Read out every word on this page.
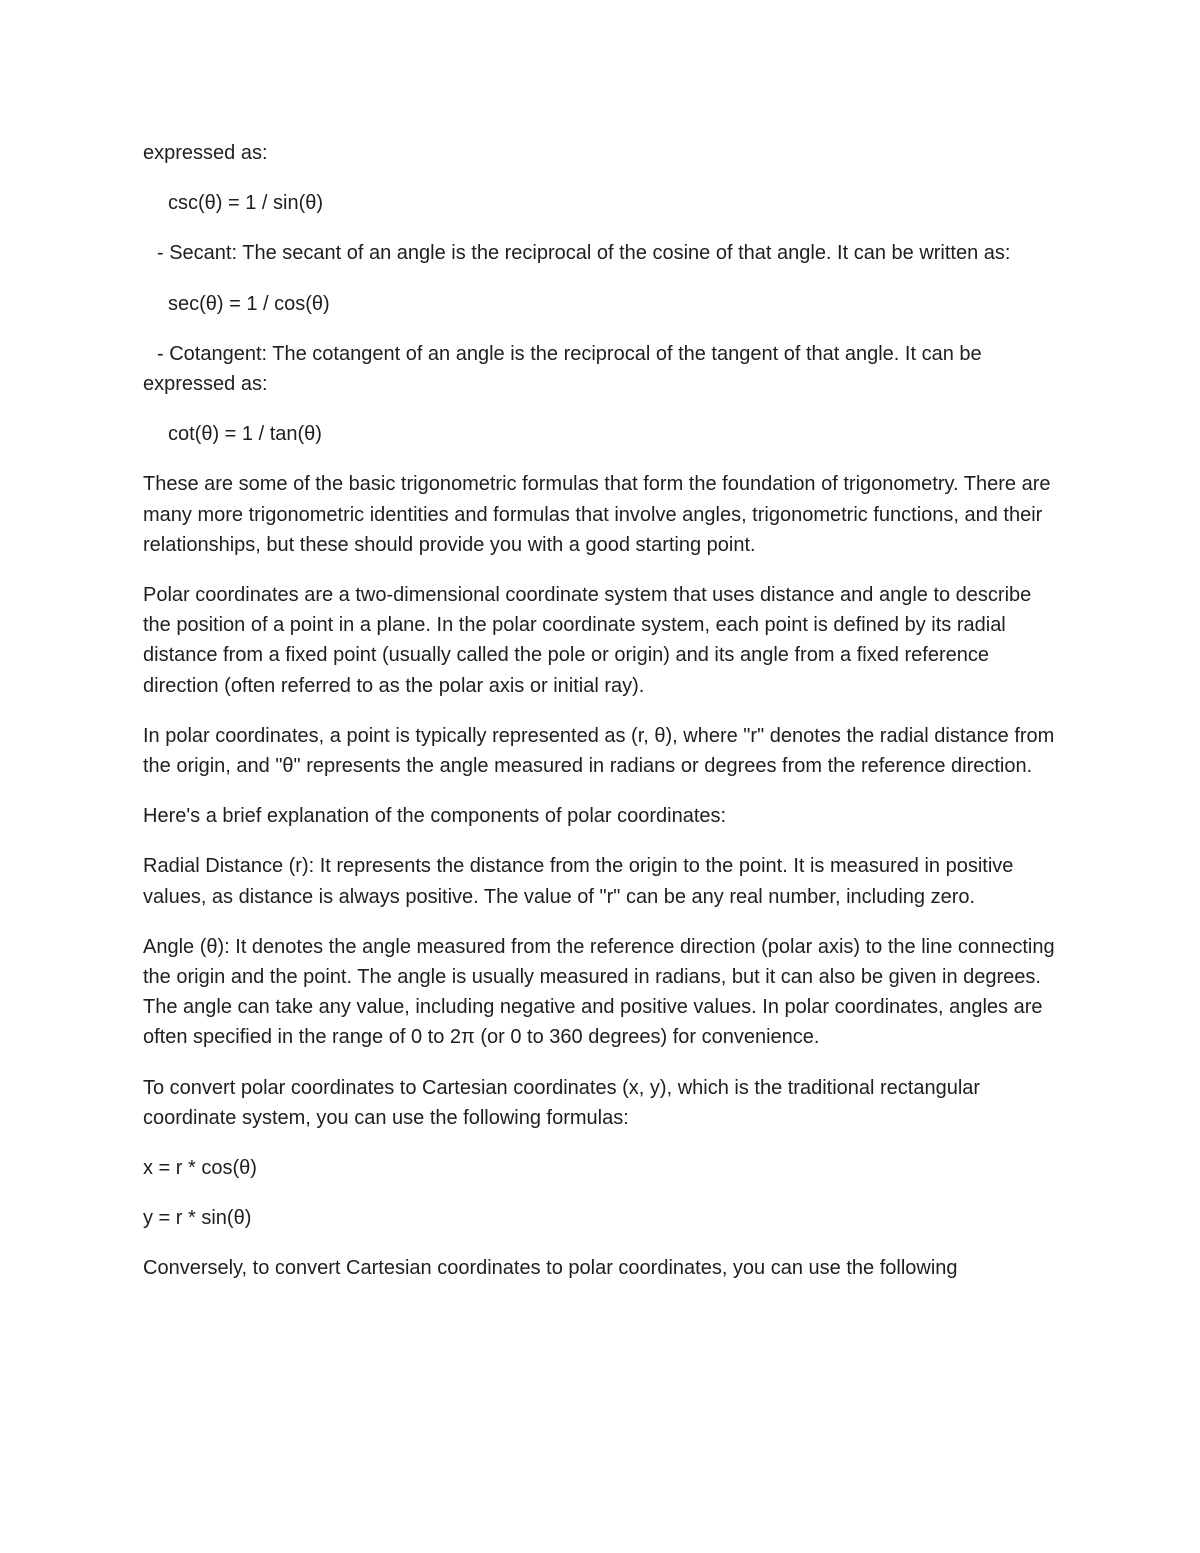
expressed as:

csc(θ) = 1 / sin(θ)

- Secant: The secant of an angle is the reciprocal of the cosine of that angle. It can be written as:

sec(θ) = 1 / cos(θ)

- Cotangent: The cotangent of an angle is the reciprocal of the tangent of that angle. It can be expressed as:

cot(θ) = 1 / tan(θ)

These are some of the basic trigonometric formulas that form the foundation of trigonometry. There are many more trigonometric identities and formulas that involve angles, trigonometric functions, and their relationships, but these should provide you with a good starting point.

Polar coordinates are a two-dimensional coordinate system that uses distance and angle to describe the position of a point in a plane. In the polar coordinate system, each point is defined by its radial distance from a fixed point (usually called the pole or origin) and its angle from a fixed reference direction (often referred to as the polar axis or initial ray).

In polar coordinates, a point is typically represented as (r, θ), where "r" denotes the radial distance from the origin, and "θ" represents the angle measured in radians or degrees from the reference direction.

Here's a brief explanation of the components of polar coordinates:

Radial Distance (r): It represents the distance from the origin to the point. It is measured in positive values, as distance is always positive. The value of "r" can be any real number, including zero.

Angle (θ): It denotes the angle measured from the reference direction (polar axis) to the line connecting the origin and the point. The angle is usually measured in radians, but it can also be given in degrees. The angle can take any value, including negative and positive values. In polar coordinates, angles are often specified in the range of 0 to 2π (or 0 to 360 degrees) for convenience.

To convert polar coordinates to Cartesian coordinates (x, y), which is the traditional rectangular coordinate system, you can use the following formulas:

x = r * cos(θ)

y = r * sin(θ)

Conversely, to convert Cartesian coordinates to polar coordinates, you can use the following
